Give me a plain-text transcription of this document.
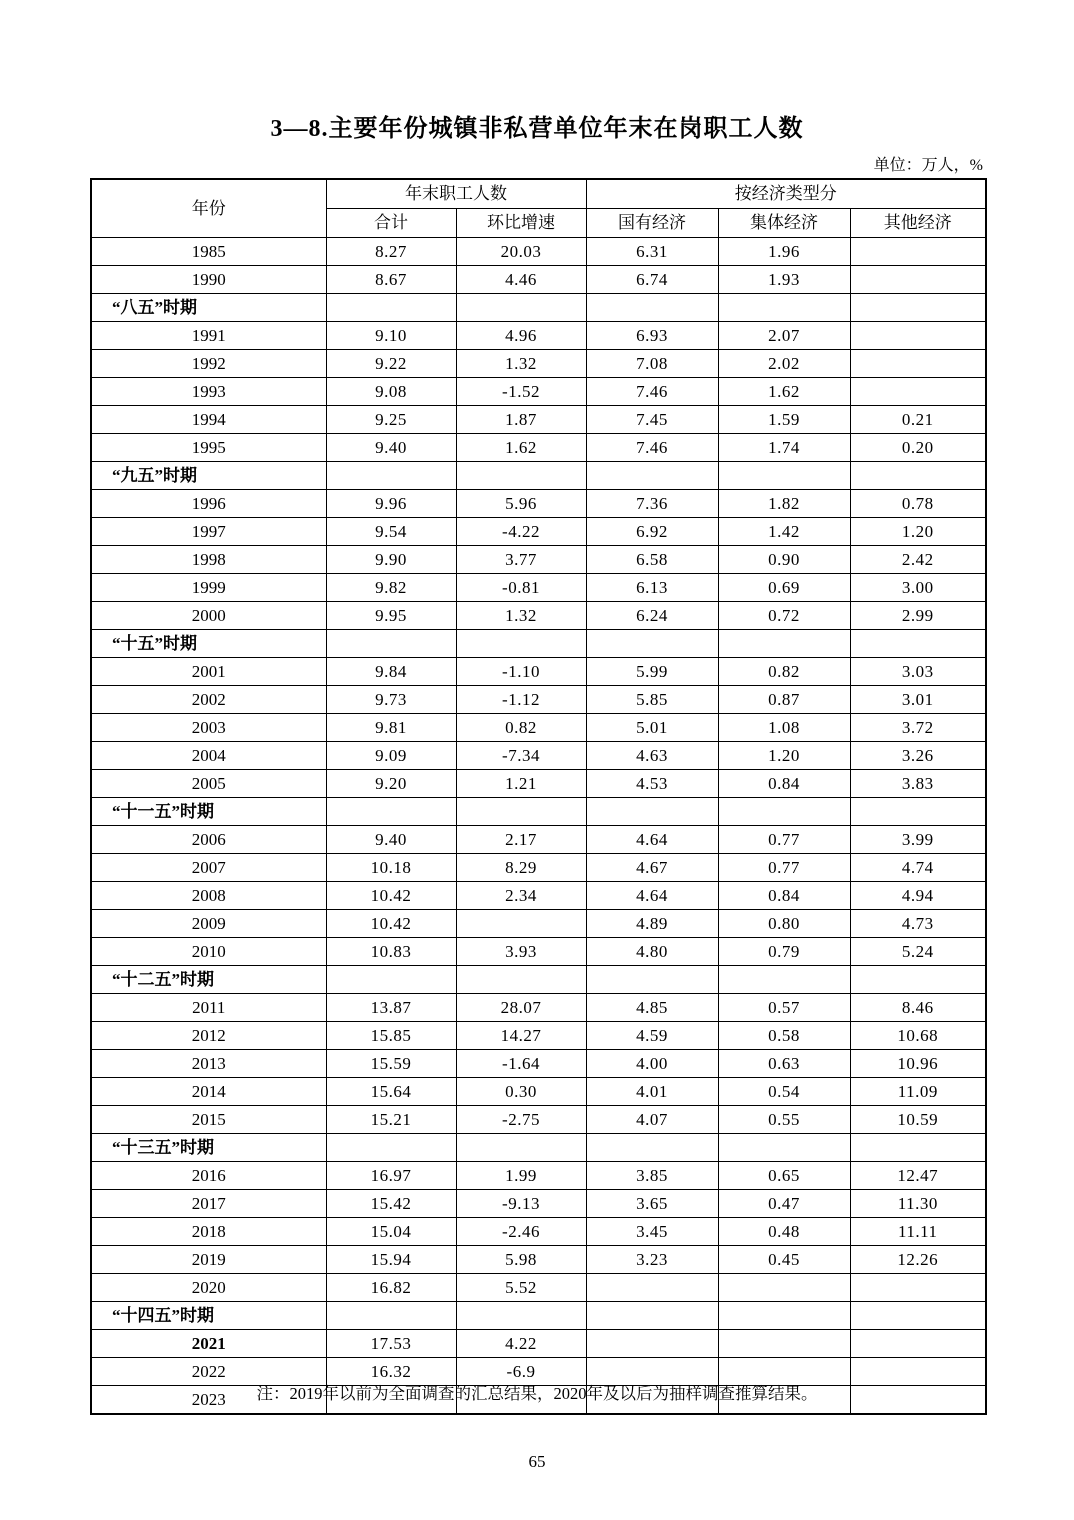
3—8.主要年份城镇非私营单位年末在岗职工人数
单位：万人，%
年份	年末职工人数		按经济类型分		
	合计	环比增速	国有经济	集体经济	其他经济
1985	8.27	20.03	6.31	1.96	
1990	8.67	4.46	6.74	1.93	
“八五”时期					
1991	9.10	4.96	6.93	2.07	
1992	9.22	1.32	7.08	2.02	
1993	9.08	-1.52	7.46	1.62	
1994	9.25	1.87	7.45	1.59	0.21
1995	9.40	1.62	7.46	1.74	0.20
“九五”时期					
1996	9.96	5.96	7.36	1.82	0.78
1997	9.54	-4.22	6.92	1.42	1.20
1998	9.90	3.77	6.58	0.90	2.42
1999	9.82	-0.81	6.13	0.69	3.00
2000	9.95	1.32	6.24	0.72	2.99
“十五”时期					
2001	9.84	-1.10	5.99	0.82	3.03
2002	9.73	-1.12	5.85	0.87	3.01
2003	9.81	0.82	5.01	1.08	3.72
2004	9.09	-7.34	4.63	1.20	3.26
2005	9.20	1.21	4.53	0.84	3.83
“十一五”时期					
2006	9.40	2.17	4.64	0.77	3.99
2007	10.18	8.29	4.67	0.77	4.74
2008	10.42	2.34	4.64	0.84	4.94
2009	10.42		4.89	0.80	4.73
2010	10.83	3.93	4.80	0.79	5.24
“十二五”时期					
2011	13.87	28.07	4.85	0.57	8.46
2012	15.85	14.27	4.59	0.58	10.68
2013	15.59	-1.64	4.00	0.63	10.96
2014	15.64	0.30	4.01	0.54	11.09
2015	15.21	-2.75	4.07	0.55	10.59
“十三五”时期					
2016	16.97	1.99	3.85	0.65	12.47
2017	15.42	-9.13	3.65	0.47	11.30
2018	15.04	-2.46	3.45	0.48	11.11
2019	15.94	5.98	3.23	0.45	12.26
2020	16.82	5.52			
“十四五”时期					
2021	17.53	4.22			
2022	16.32	-6.9			
2023						注：2019年以前为全面调查的汇总结果，2020年及以后为抽样调查推算结果。
65
